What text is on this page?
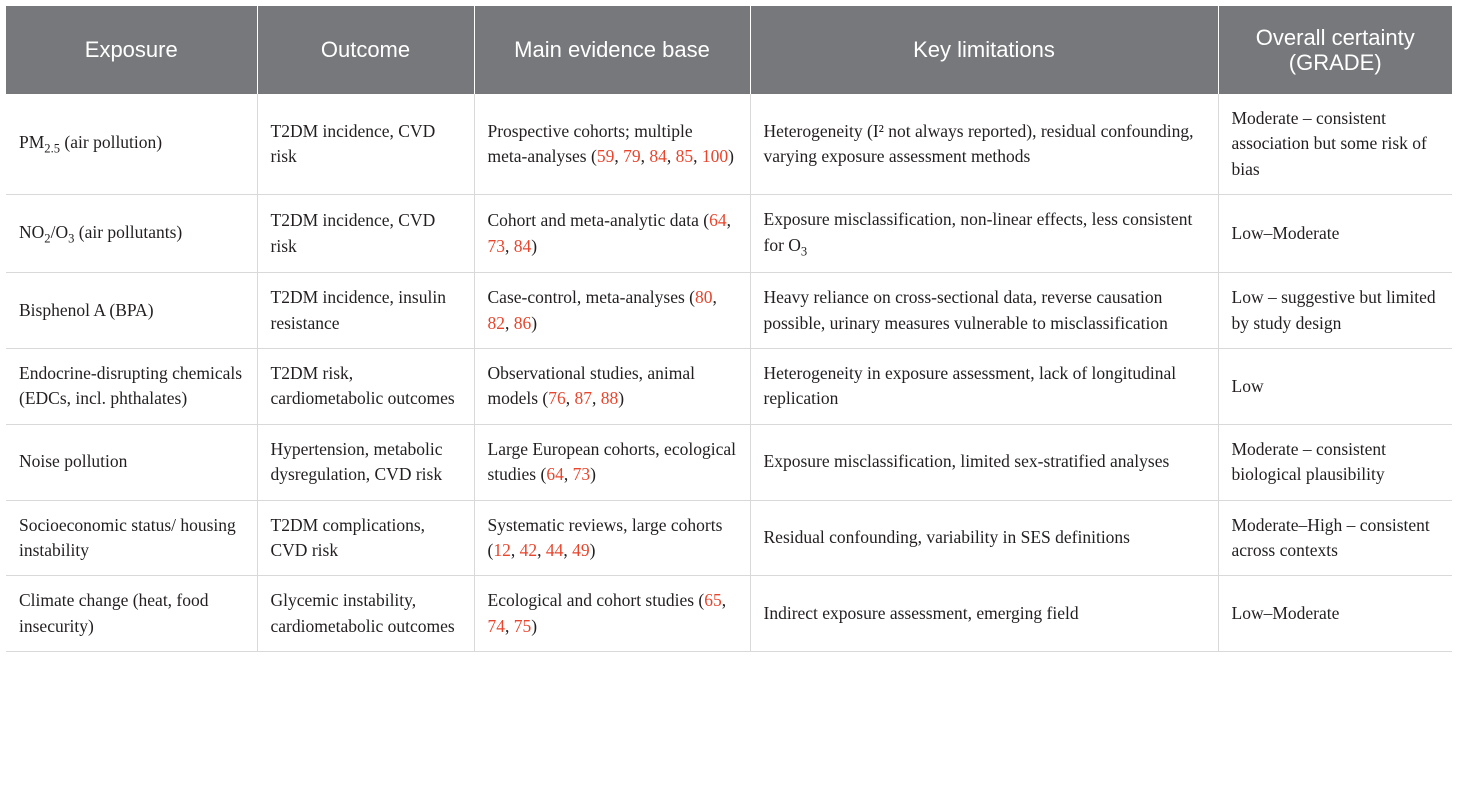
Exposure	Outcome	Main evidence base	Key limitations	Overall certainty
(GRADE)

$PM_{2.5}$ (air pollution)	T2DM incidence, CVD risk	Prospective cohorts; multiple meta-analyses (59, 79, 84, 85, 100)	Heterogeneity (I² not always reported), residual confounding, varying exposure assessment methods	Moderate – consistent association but some risk of bias

$NO_2/O_3$ (air pollutants)	T2DM incidence, CVD risk	Cohort and meta-analytic data (64, 73, 84)	Exposure misclassification, non-linear effects, less consistent for $O_3$	Low–Moderate

Bisphenol A (BPA)	T2DM incidence, insulin resistance	Case-control, meta-analyses (80, 82, 86)	Heavy reliance on cross-sectional data, reverse causation possible, urinary measures vulnerable to misclassification	Low – suggestive but limited by study design

Endocrine-disrupting chemicals (EDCs, incl. phthalates)	T2DM risk, cardiometabolic outcomes	Observational studies, animal models (76, 87, 88)	Heterogeneity in exposure assessment, lack of longitudinal replication	Low

Noise pollution	Hypertension, metabolic dysregulation, CVD risk	Large European cohorts, ecological studies (64, 73)	Exposure misclassification, limited sex-stratified analyses	Moderate – consistent biological plausibility

Socioeconomic status/ housing instability	T2DM complications, CVD risk	Systematic reviews, large cohorts (12, 42, 44, 49)	Residual confounding, variability in SES definitions	Moderate–High – consistent across contexts

Climate change (heat, food insecurity)	Glycemic instability, cardiometabolic outcomes	Ecological and cohort studies (65, 74, 75)	Indirect exposure assessment, emerging field	Low–Moderate
